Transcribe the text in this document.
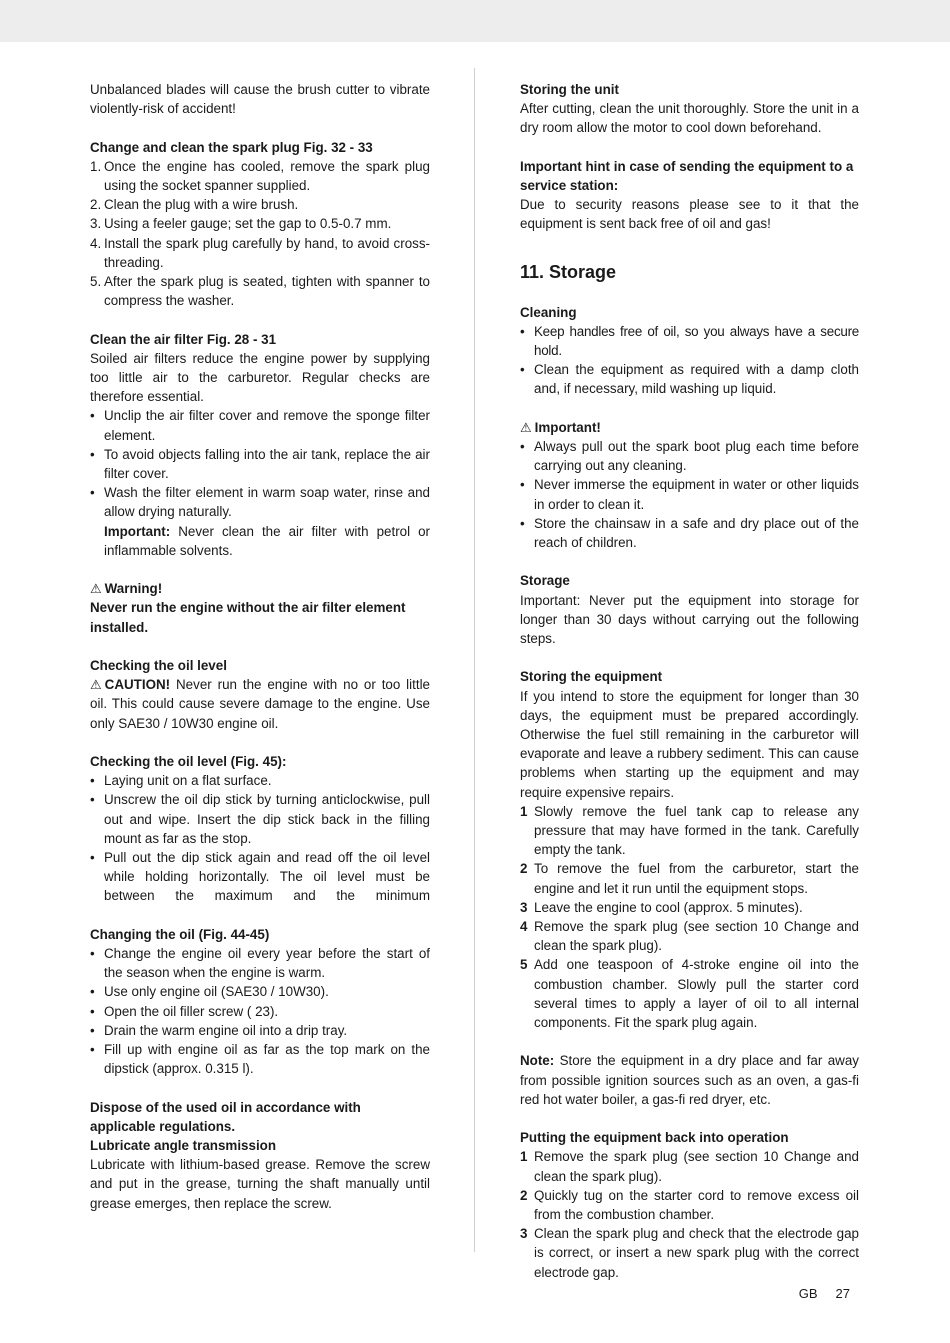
Unbalanced blades will cause the brush cutter to vibrate violently-risk of accident!

Change and clean the spark plug Fig. 32 - 33

1. Once the engine has cooled, remove the spark plug using the socket spanner supplied.
2. Clean the plug with a wire brush.
3. Using a feeler gauge; set the gap to 0.5-0.7 mm.
4. Install the spark plug carefully by hand, to avoid cross-threading.
5. After the spark plug is seated, tighten with spanner to compress the washer.

Clean the air filter Fig. 28 - 31

Soiled air filters reduce the engine power by supplying too little air to the carburetor. Regular checks are therefore essential.

• Unclip the air filter cover and remove the sponge filter element.
• To avoid objects falling into the air tank, replace the air filter cover.
• Wash the filter element in warm soap water, rinse and allow drying naturally.
Important: Never clean the air filter with petrol or inflammable solvents.

⚠ Warning!

Never run the engine without the air filter element installed.

Checking the oil level

⚠ CAUTION! Never run the engine with no or too little oil. This could cause severe damage to the engine. Use only SAE30 / 10W30 engine oil.

Checking the oil level (Fig. 45):

• Laying unit on a flat surface.
• Unscrew the oil dip stick by turning anticlockwise, pull out and wipe. Insert the dip stick back in the filling mount as far as the stop.
• Pull out the dip stick again and read off the oil level while holding horizontally. The oil level must be between the maximum and the minimum

Changing the oil (Fig. 44-45)

• Change the engine oil every year before the start of the season when the engine is warm.
• Use only engine oil (SAE30 / 10W30).
• Open the oil filler screw ( 23).
• Drain the warm engine oil into a drip tray.
• Fill up with engine oil as far as the top mark on the dipstick (approx. 0.315 l).

Dispose of the used oil in accordance with applicable regulations.

Lubricate angle transmission

Lubricate with lithium-based grease. Remove the screw and put in the grease, turning the shaft manually until grease emerges, then replace the screw.

Storing the unit

After cutting, clean the unit thoroughly. Store the unit in a dry room allow the motor to cool down beforehand.

Important hint in case of sending the equipment to a service station:

Due to security reasons please see to it that the equipment is sent back free of oil and gas!

11. Storage

Cleaning

• Keep handles free of oil, so you always have a secure hold.
• Clean the equipment as required with a damp cloth and, if necessary, mild washing up liquid.

⚠ Important!

• Always pull out the spark boot plug each time before carrying out any cleaning.
• Never immerse the equipment in water or other liquids in order to clean it.
• Store the chainsaw in a safe and dry place out of the reach of children.

Storage

Important: Never put the equipment into storage for longer than 30 days without carrying out the following steps.

Storing the equipment

If you intend to store the equipment for longer than 30 days, the equipment must be prepared accordingly. Otherwise the fuel still remaining in the carburetor will evaporate and leave a rubbery sediment. This can cause problems when starting up the equipment and may require expensive repairs.

1 Slowly remove the fuel tank cap to release any pressure that may have formed in the tank. Carefully empty the tank.
2 To remove the fuel from the carburetor, start the engine and let it run until the equipment stops.
3 Leave the engine to cool (approx. 5 minutes).
4 Remove the spark plug (see section 10 Change and clean the spark plug).
5 Add one teaspoon of 4-stroke engine oil into the combustion chamber. Slowly pull the starter cord several times to apply a layer of oil to all internal components. Fit the spark plug again.

Note: Store the equipment in a dry place and far away from possible ignition sources such as an oven, a gas-fi red hot water boiler, a gas-fi red dryer, etc.

Putting the equipment back into operation

1 Remove the spark plug (see section 10 Change and clean the spark plug).
2 Quickly tug on the starter cord to remove excess oil from the combustion chamber.
3 Clean the spark plug and check that the electrode gap is correct, or insert a new spark plug with the correct electrode gap.
GB 27
